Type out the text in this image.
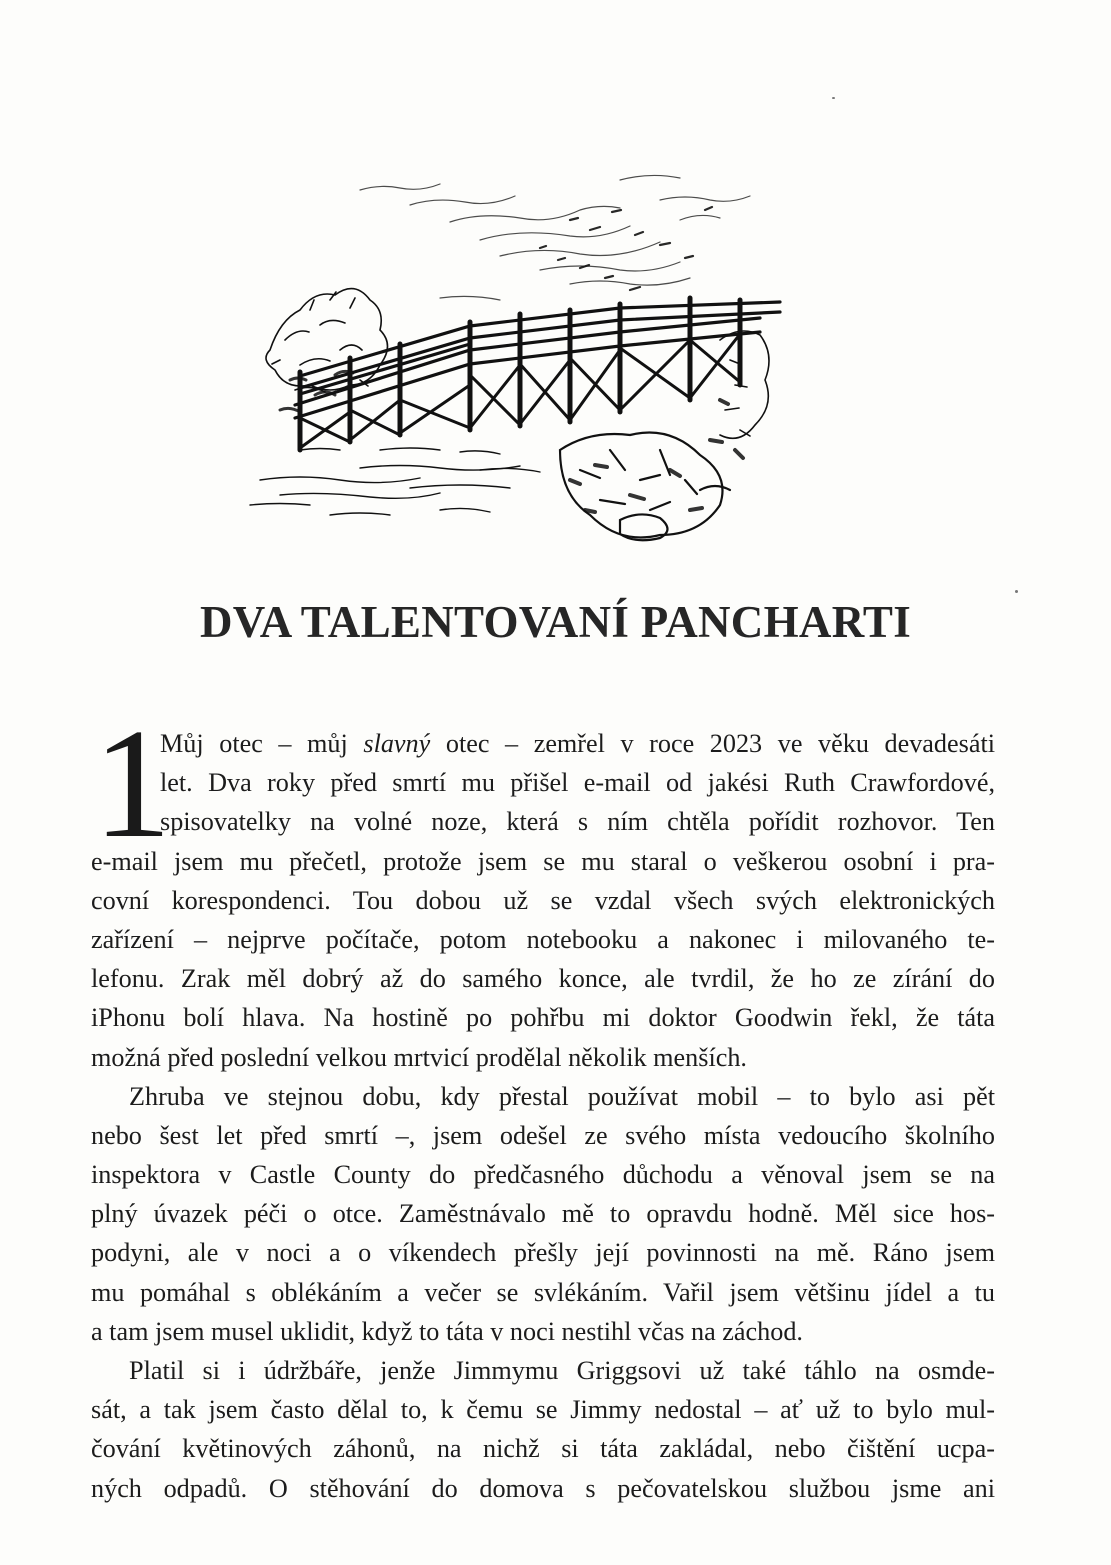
DVA TALENTOVANÍ PANCHARTI
1
Můj otec – můj slavný otec – zemřel v roce 2023 ve věku devadesáti
let. Dva roky před smrtí mu přišel e-mail od jakési Ruth Crawfordové,
spisovatelky na volné noze, která s ním chtěla pořídit rozhovor. Ten
e-mail jsem mu přečetl, protože jsem se mu staral o veškerou osobní i pra-
covní korespondenci. Tou dobou už se vzdal všech svých elektronických
zařízení – nejprve počítače, potom notebooku a nakonec i milovaného te-
lefonu. Zrak měl dobrý až do samého konce, ale tvrdil, že ho ze zírání do
iPhonu bolí hlava. Na hostině po pohřbu mi doktor Goodwin řekl, že táta
možná před poslední velkou mrtvicí prodělal několik menších.
Zhruba ve stejnou dobu, kdy přestal používat mobil – to bylo asi pět
nebo šest let před smrtí –, jsem odešel ze svého místa vedoucího školního
inspektora v Castle County do předčasného důchodu a věnoval jsem se na
plný úvazek péči o otce. Zaměstnávalo mě to opravdu hodně. Měl sice hos-
podyni, ale v noci a o víkendech přešly její povinnosti na mě. Ráno jsem
mu pomáhal s oblékáním a večer se svlékáním. Vařil jsem většinu jídel a tu
a tam jsem musel uklidit, když to táta v noci nestihl včas na záchod.
Platil si i údržbáře, jenže Jimmymu Griggsovi už také táhlo na osmde-
sát, a tak jsem často dělal to, k čemu se Jimmy nedostal – ať už to bylo mul-
čování květinových záhonů, na nichž si táta zakládal, nebo čištění ucpa-
ných odpadů. O stěhování do domova s pečovatelskou službou jsme ani
